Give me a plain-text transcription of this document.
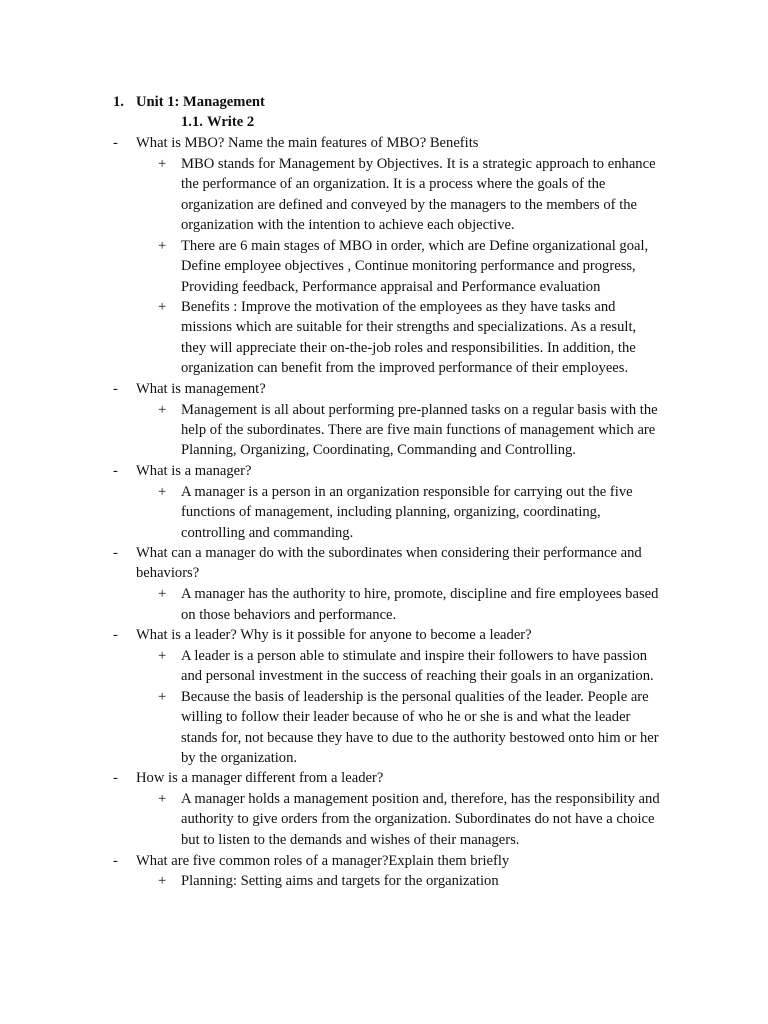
1. Unit 1: Management
1.1. Write 2
- What is MBO? Name the main features of MBO? Benefits
+ MBO stands for Management by Objectives. It is a strategic approach to enhance
the performance of an organization. It is a process where the goals of the
organization are defined and conveyed by the managers to the members of the
organization with the intention to achieve each objective.
+ There are 6 main stages of MBO in order, which are Define organizational goal,
Define employee objectives , Continue monitoring performance and progress,
Providing feedback, Performance appraisal and Performance evaluation
+ Benefits : Improve the motivation of the employees as they have tasks and
missions which are suitable for their strengths and specializations. As a result,
they will appreciate their on-the-job roles and responsibilities. In addition, the
organization can benefit from the improved performance of their employees.
- What is management?
+ Management is all about performing pre-planned tasks on a regular basis with the
help of the subordinates. There are five main functions of management which are
Planning, Organizing, Coordinating, Commanding and Controlling.
- What is a manager?
+ A manager is a person in an organization responsible for carrying out the five
functions of management, including planning, organizing, coordinating,
controlling and commanding.
- What can a manager do with the subordinates when considering their performance and
behaviors?
+ A manager has the authority to hire, promote, discipline and fire employees based
on those behaviors and performance.
- What is a leader? Why is it possible for anyone to become a leader?
+ A leader is a person able to stimulate and inspire their followers to have passion
and personal investment in the success of reaching their goals in an organization.
+ Because the basis of leadership is the personal qualities of the leader. People are
willing to follow their leader because of who he or she is and what the leader
stands for, not because they have to due to the authority bestowed onto him or her
by the organization.
- How is a manager different from a leader?
+ A manager holds a management position and, therefore, has the responsibility and
authority to give orders from the organization. Subordinates do not have a choice
but to listen to the demands and wishes of their managers.
- What are five common roles of a manager?Explain them briefly
+ Planning: Setting aims and targets for the organization
